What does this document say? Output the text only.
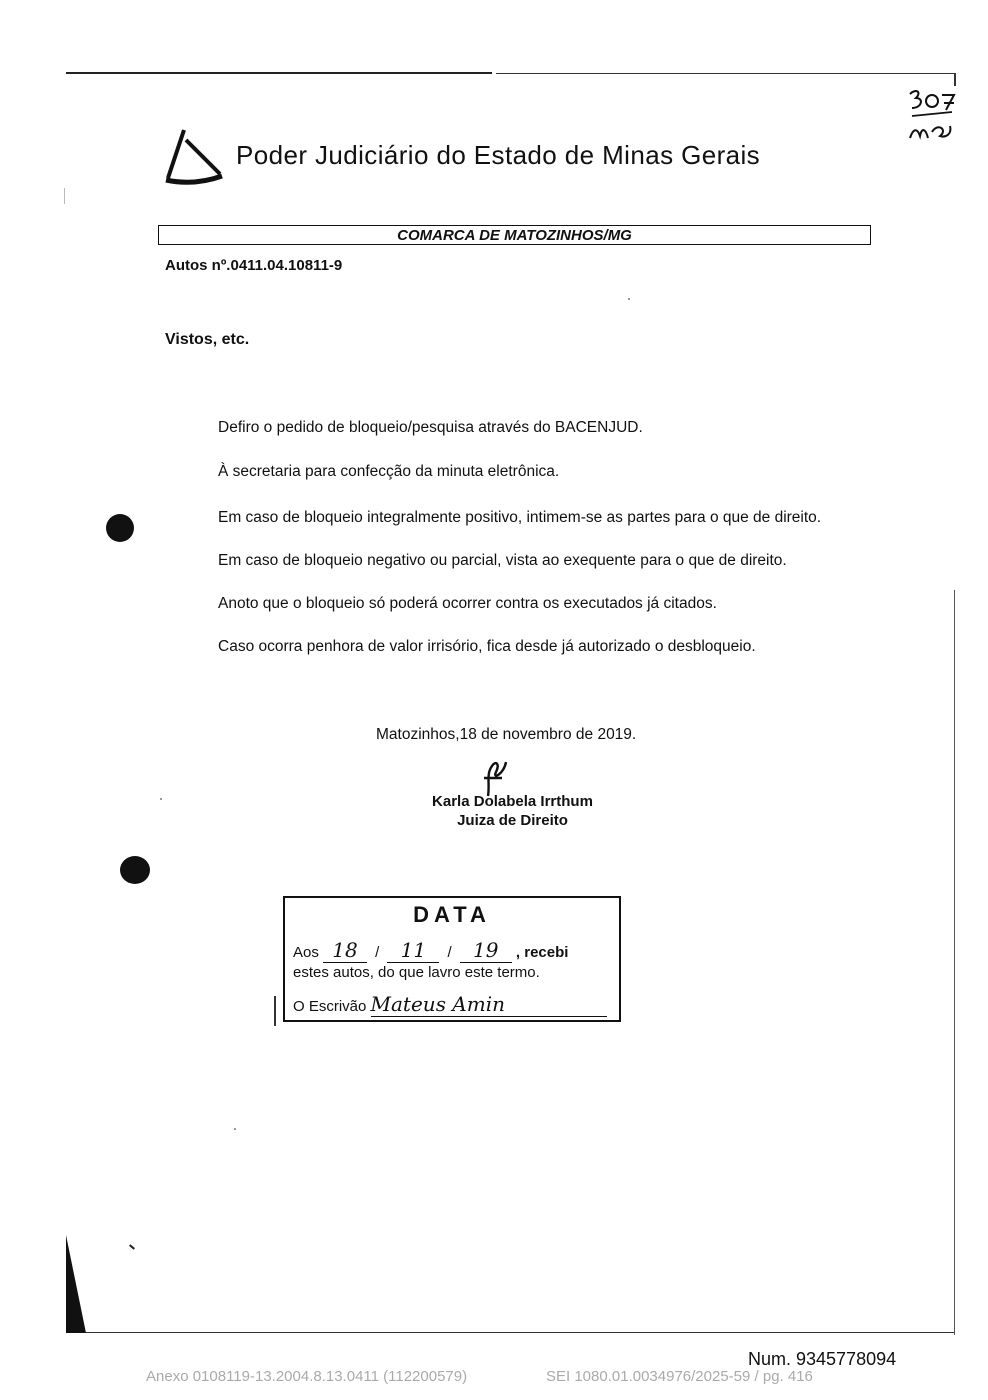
Poder Judiciário do Estado de Minas Gerais
COMARCA DE MATOZINHOS/MG
Autos nº.0411.04.10811-9
Vistos, etc.
Defiro o pedido de bloqueio/pesquisa através do BACENJUD.
À secretaria para confecção da minuta eletrônica.
Em caso de bloqueio integralmente positivo, intimem-se as partes para o que de direito.
Em caso de bloqueio negativo ou parcial, vista ao exequente para o que de direito.
Anoto que o bloqueio só poderá ocorrer contra os executados já citados.
Caso ocorra penhora de valor irrisório, fica desde já autorizado o desbloqueio.
Matozinhos,18 de novembro de 2019.
Karla Dolabela Irrthum
Juiza de Direito
DATA
Aos 18 / 11 / 19 , recebi
estes autos, do que lavro este termo.
O Escrivão Mateus Amin
Num. 9345778094
Anexo 0108119-13.2004.8.13.0411 (112200579)	SEI 1080.01.0034976/2025-59 / pg. 416
